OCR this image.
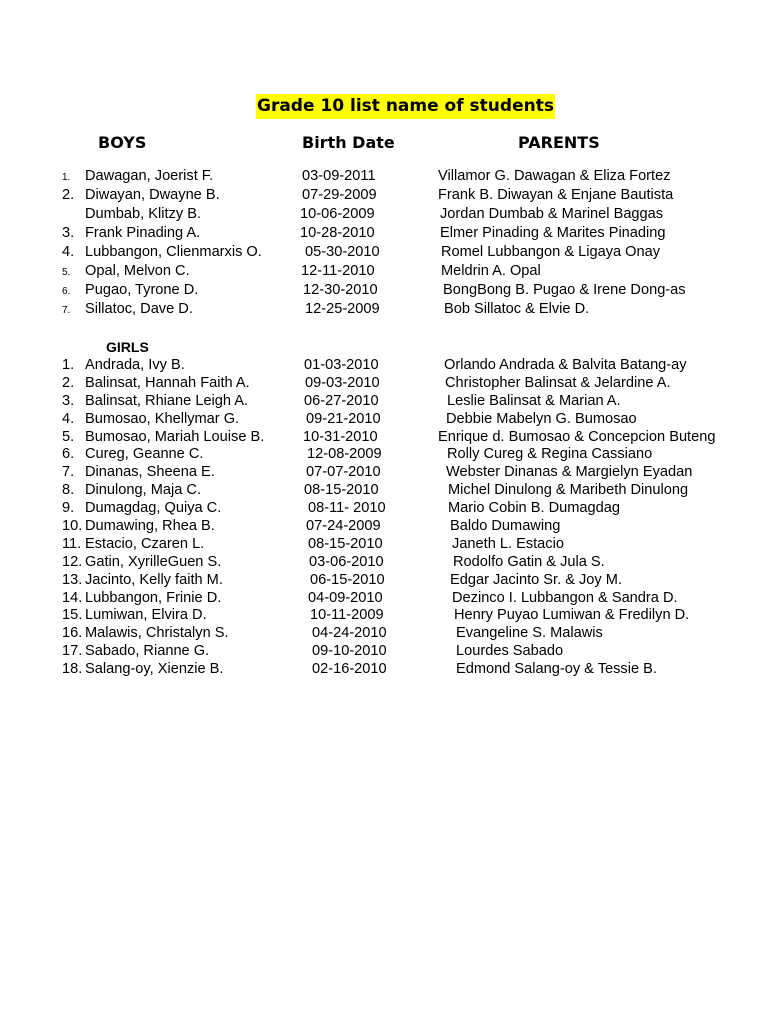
Grade 10 list name of students
BOYS	Birth Date	PARENTS
1. Dawagan, Joerist F.	03-09-2011	Villamor G. Dawagan & Eliza Fortez
2. Diwayan, Dwayne B.	07-29-2009	Frank B. Diwayan & Enjane Bautista
Dumbab, Klitzy B.	10-06-2009	Jordan Dumbab & Marinel Baggas
3. Frank Pinading A.	10-28-2010	Elmer Pinading & Marites Pinading
4. Lubbangon, Clienmarxis O.	05-30-2010	Romel Lubbangon & Ligaya Onay
5. Opal, Melvon C.	12-11-2010	Meldrin A. Opal
6. Pugao, Tyrone D.	12-30-2010	BongBong B. Pugao & Irene Dong-as
7. Sillatoc, Dave D.	12-25-2009	Bob Sillatoc & Elvie D.
GIRLS
1. Andrada, Ivy B.	01-03-2010	Orlando Andrada & Balvita Batang-ay
2. Balinsat, Hannah Faith A.	09-03-2010	Christopher Balinsat & Jelardine A.
3. Balinsat, Rhiane Leigh A.	06-27-2010	Leslie Balinsat & Marian A.
4. Bumosao, Khellymar G.	09-21-2010	Debbie Mabelyn G. Bumosao
5. Bumosao, Mariah Louise B.	10-31-2010	Enrique d. Bumosao & Concepcion Buteng
6. Cureg, Geanne C.	12-08-2009	Rolly Cureg & Regina Cassiano
7. Dinanas, Sheena E.	07-07-2010	Webster Dinanas & Margielyn Eyadan
8. Dinulong, Maja C.	08-15-2010	Michel Dinulong & Maribeth Dinulong
9. Dumagdag, Quiya C.	08-11- 2010	Mario Cobin B. Dumagdag
10. Dumawing, Rhea B.	07-24-2009	Baldo Dumawing
11. Estacio, Czaren L.	08-15-2010	Janeth L. Estacio
12. Gatin, XyrilleGuen S.	03-06-2010	Rodolfo Gatin & Jula S.
13. Jacinto, Kelly faith M.	06-15-2010	Edgar Jacinto Sr. & Joy M.
14. Lubbangon, Frinie D.	04-09-2010	Dezinco I. Lubbangon & Sandra D.
15. Lumiwan, Elvira D.	10-11-2009	Henry Puyao Lumiwan & Fredilyn D.
16. Malawis, Christalyn S.	04-24-2010	Evangeline S. Malawis
17. Sabado, Rianne G.	09-10-2010	Lourdes Sabado
18. Salang-oy, Xienzie B.	02-16-2010	Edmond Salang-oy & Tessie B.
